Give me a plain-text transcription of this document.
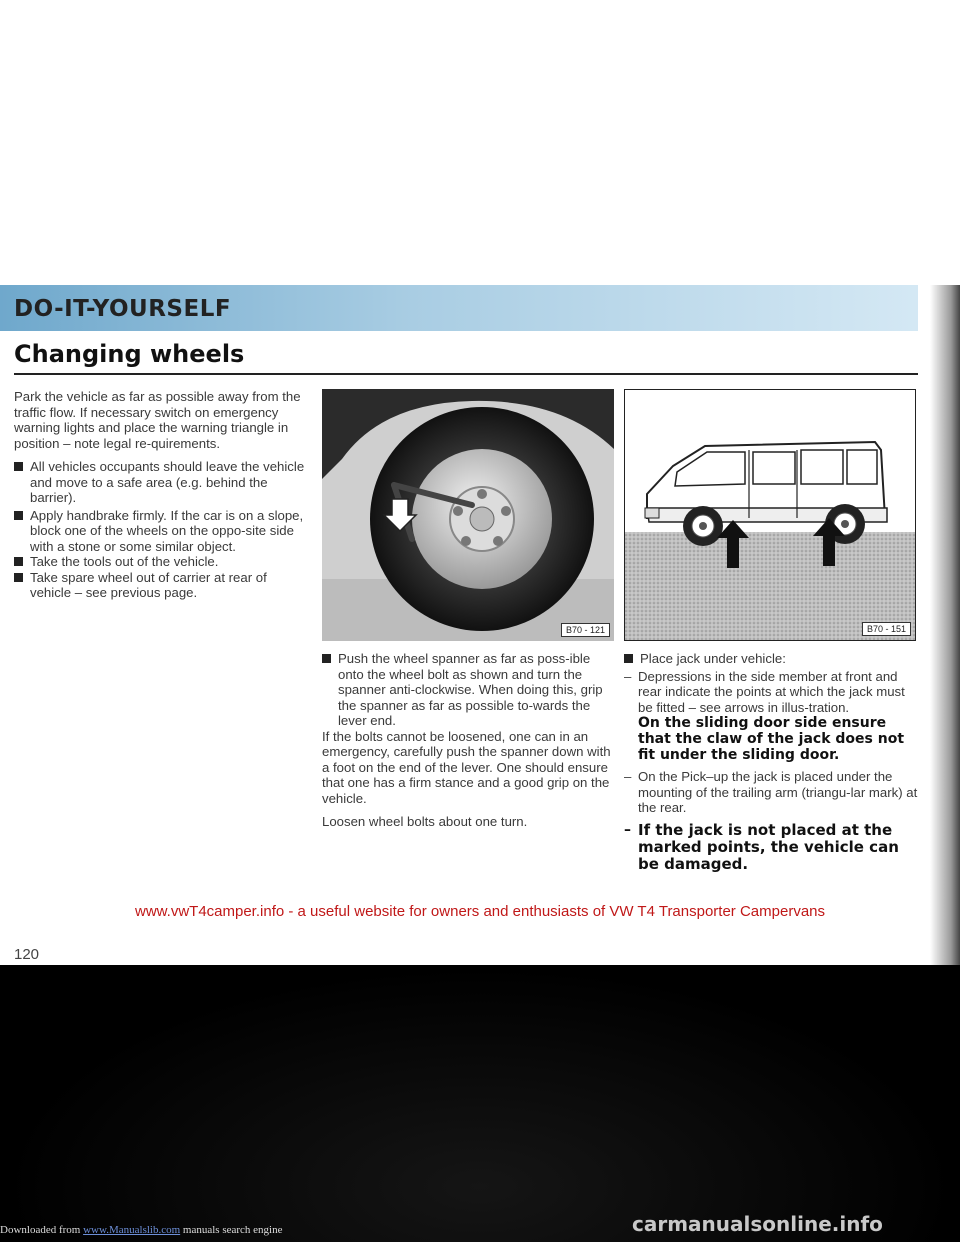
DO-IT-YOURSELF
Changing wheels

Park the vehicle as far as possible away from the traffic flow. If necessary switch on emergency warning lights and place the warning triangle in position – note legal re-quirements.

All vehicles occupants should leave the vehicle and move to a safe area (e.g. behind the barrier).
Apply handbrake firmly. If the car is on a slope, block one of the wheels on the oppo-site side with a stone or some similar object.
Take the tools out of the vehicle.
Take spare wheel out of carrier at rear of vehicle – see previous page.
B70 - 121
Push the wheel spanner as far as poss-ible onto the wheel bolt as shown and turn the spanner anti-clockwise. When doing this, grip the spanner as far as possible to-wards the lever end.

If the bolts cannot be loosened, one can in an emergency, carefully push the spanner down with a foot on the end of the lever. One should ensure that one has a firm stance and a good grip on the vehicle.

Loosen wheel bolts about one turn.

B70 - 151
Place jack under vehicle:
– Depressions in the side member at front and rear indicate the points at which the jack must be fitted – see arrows in illus-tration.
On the sliding door side ensure that the claw of the jack does not fit under the sliding door.
– On the Pick–up the jack is placed under the mounting of the trailing arm (triangu-lar mark) at the rear.
– If the jack is not placed at the marked points, the vehicle can be damaged.
www.vwT4camper.info - a useful website for owners and enthusiasts of VW T4 Transporter Campervans
120
Downloaded from www.Manualslib.com manuals search engine	carmanualsonline.info
